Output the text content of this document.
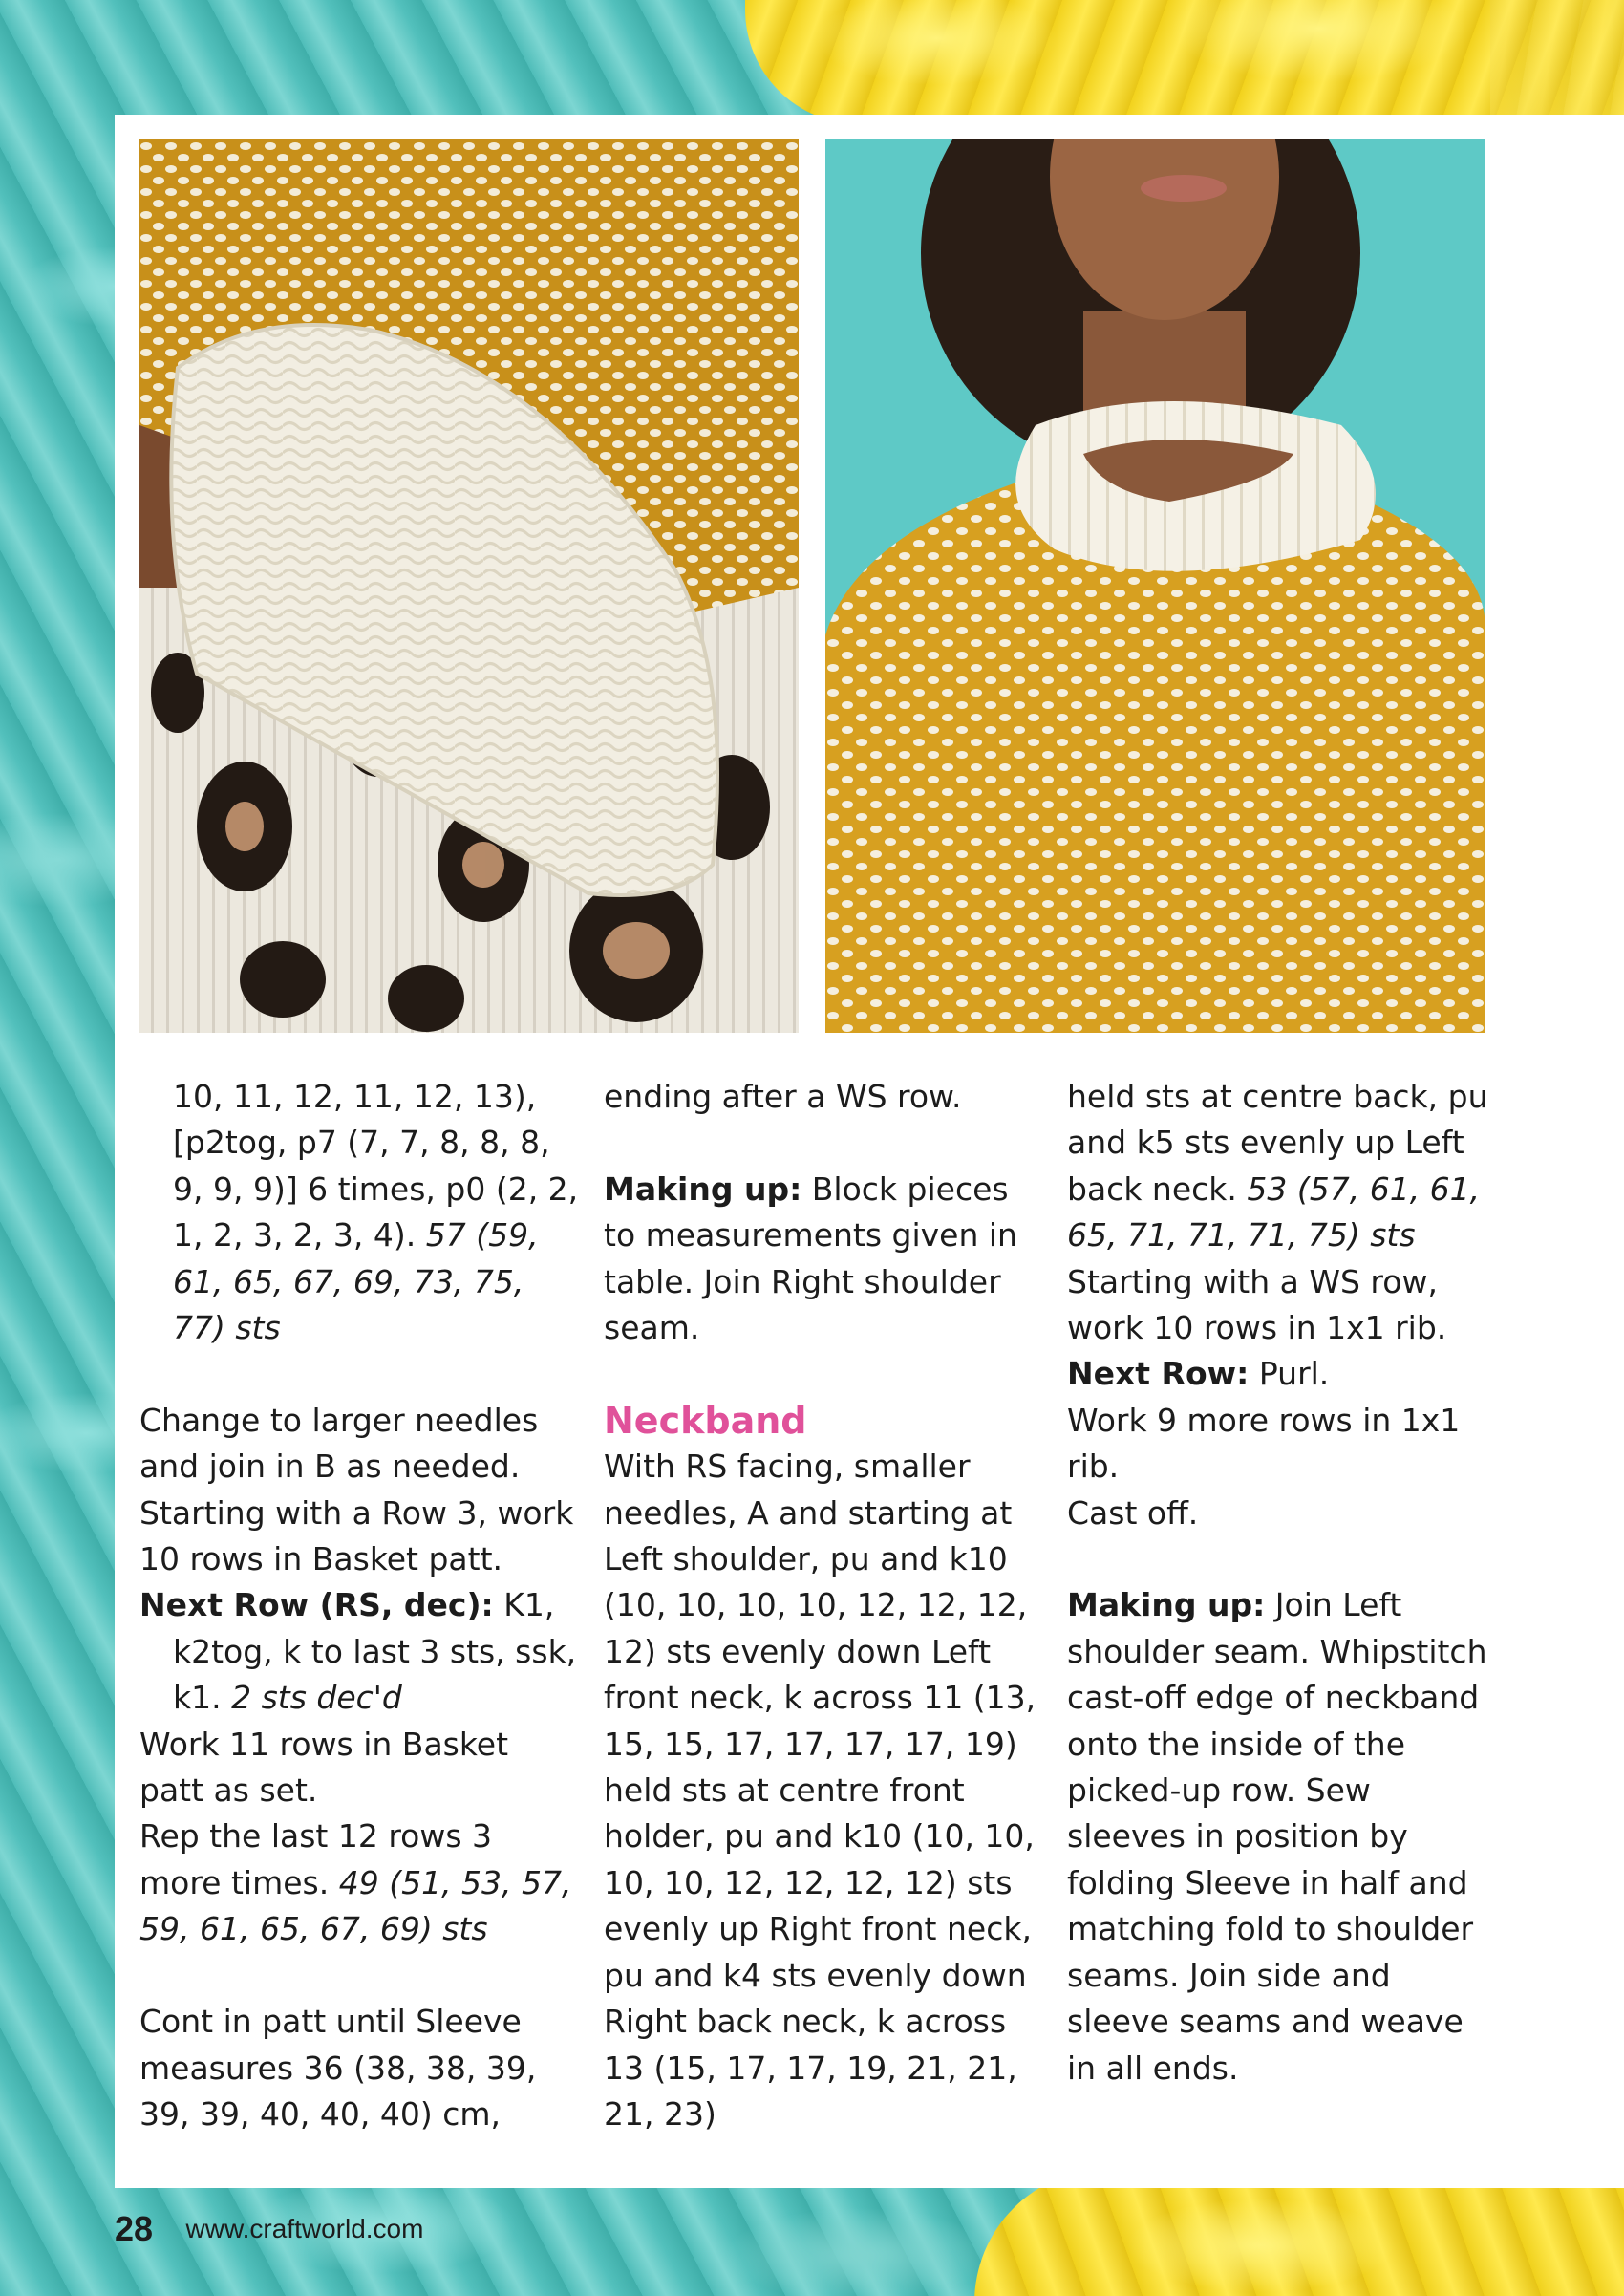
10, 11, 12, 11, 12, 13), [p2tog, p7 (7, 7, 8, 8, 8, 9, 9, 9)] 6 times, p0 (2, 2, 1, 2, 3, 2, 3, 4). 57 (59, 61, 65, 67, 69, 73, 75, 77) sts

Change to larger needles and join in B as needed. Starting with a Row 3, work 10 rows in Basket patt.

Next Row (RS, dec): K1, k2tog, k to last 3 sts, ssk, k1. 2 sts dec'd

Work 11 rows in Basket patt as set.

Rep the last 12 rows 3 more times. 49 (51, 53, 57, 59, 61, 65, 67, 69) sts

Cont in patt until Sleeve measures 36 (38, 38, 39, 39, 39, 40, 40, 40) cm,

ending after a WS row.

Making up: Block pieces to measurements given in table. Join Right shoulder seam.

Neckband

With RS facing, smaller needles, A and starting at Left shoulder, pu and k10 (10, 10, 10, 10, 12, 12, 12, 12) sts evenly down Left front neck, k across 11 (13, 15, 15, 17, 17, 17, 17, 19) held sts at centre front holder, pu and k10 (10, 10, 10, 10, 12, 12, 12, 12) sts evenly up Right front neck, pu and k4 sts evenly down Right back neck, k across 13 (15, 17, 17, 19, 21, 21, 21, 23)

held sts at centre back, pu and k5 sts evenly up Left back neck. 53 (57, 61, 61, 65, 71, 71, 71, 75) sts

Starting with a WS row, work 10 rows in 1x1 rib.

Next Row: Purl.

Work 9 more rows in 1x1 rib.

Cast off.

Making up: Join Left shoulder seam. Whipstitch cast-off edge of neckband onto the inside of the picked-up row. Sew sleeves in position by folding Sleeve in half and matching fold to shoulder seams. Join side and sleeve seams and weave in all ends.

28 www.craftworld.com
